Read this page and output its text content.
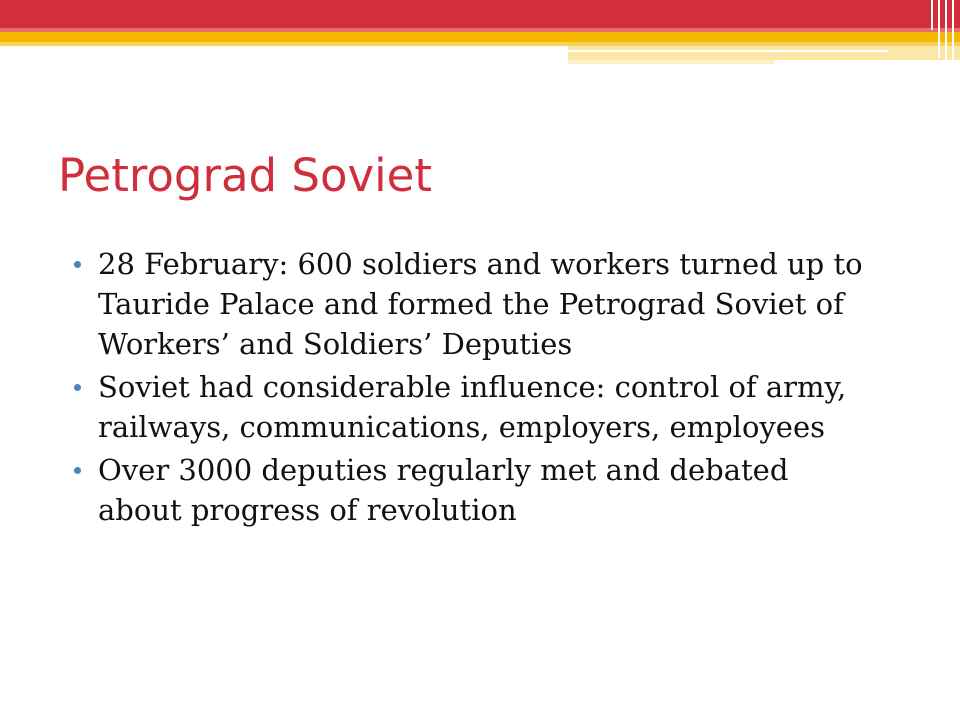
Petrograd Soviet
28 February: 600 soldiers and workers turned up to Tauride Palace and formed the Petrograd Soviet of Workers’ and Soldiers’ Deputies
Soviet had considerable influence: control of army, railways, communications, employers, employees
Over 3000 deputies regularly met and debated about progress of revolution
